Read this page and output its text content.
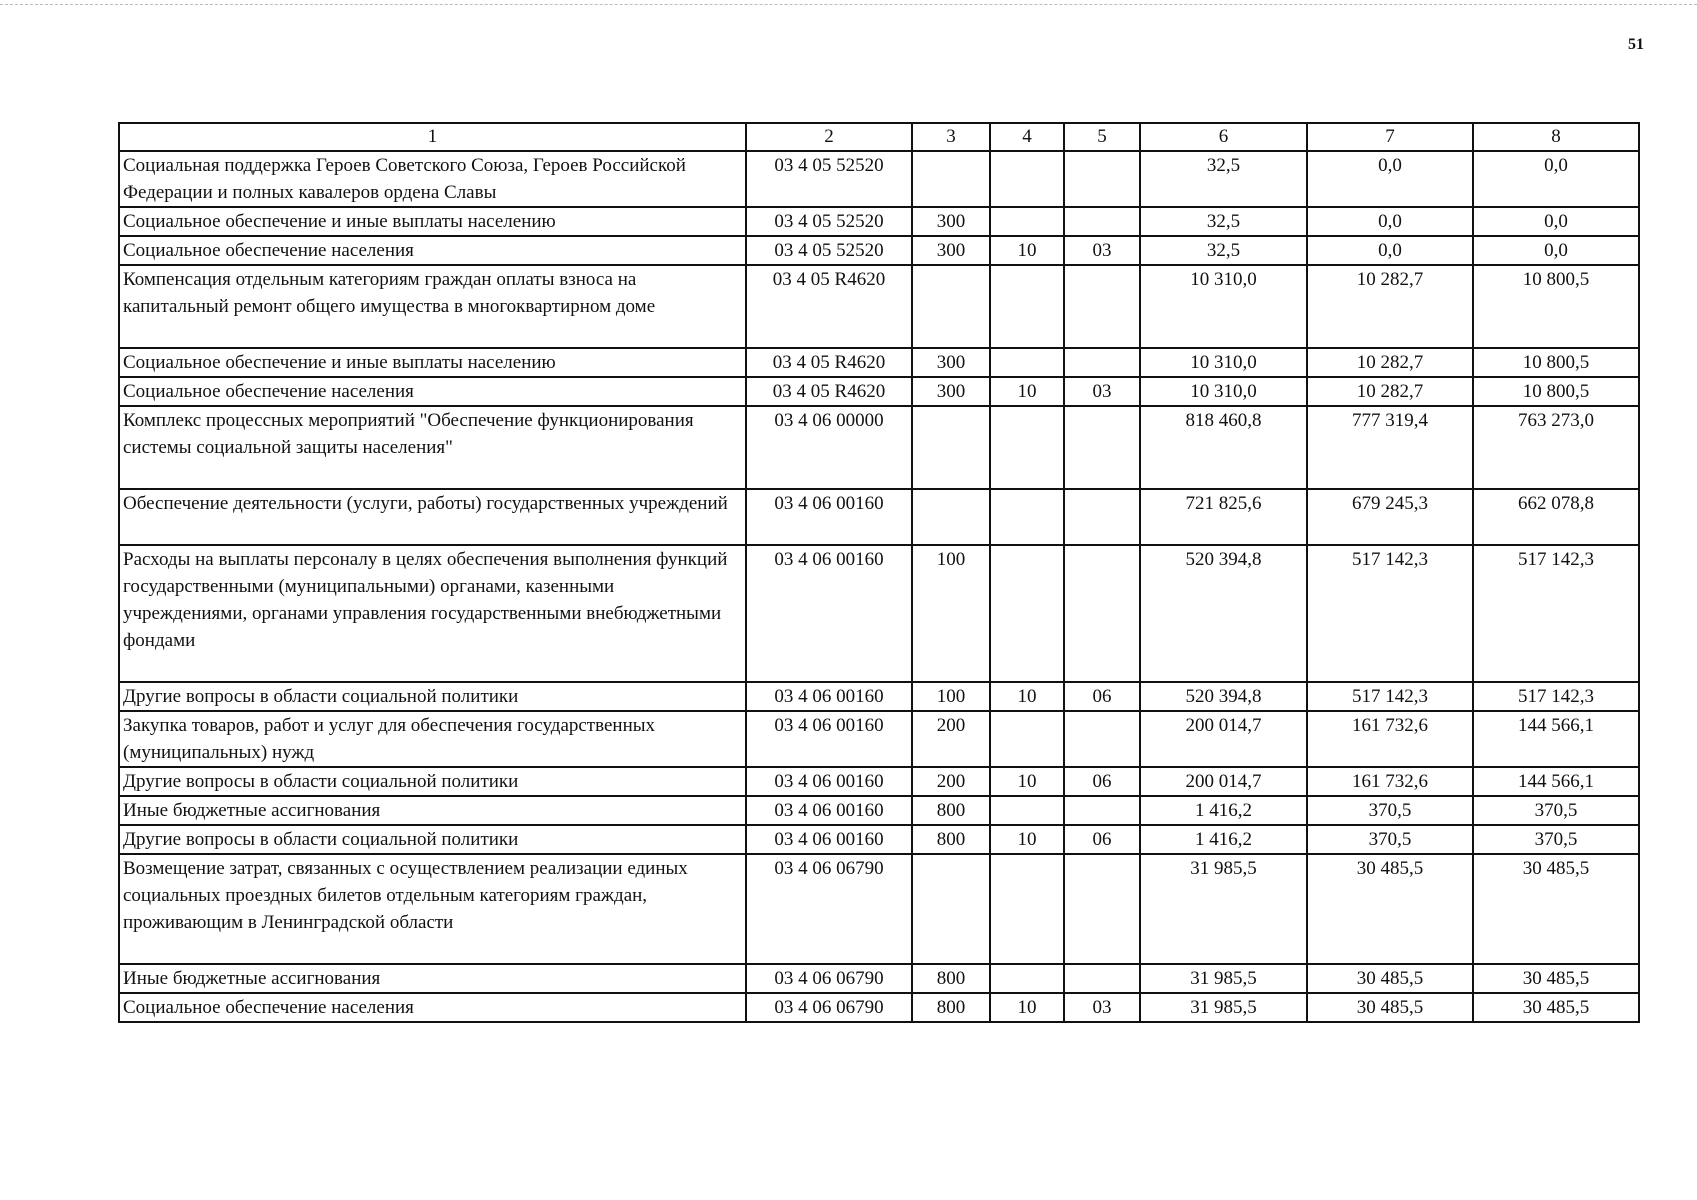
51
1	2	3	4	5	6	7	8
Социальная поддержка Героев Советского Союза, Героев Российской Федерации и полных кавалеров ордена Славы	03 4 05 52520				32,5	0,0	0,0
Социальное обеспечение и иные выплаты населению	03 4 05 52520	300			32,5	0,0	0,0
Социальное обеспечение населения	03 4 05 52520	300	10	03	32,5	0,0	0,0
Компенсация отдельным категориям граждан оплаты взноса на капитальный ремонт общего имущества в многоквартирном доме	03 4 05 R4620				10 310,0	10 282,7	10 800,5
Социальное обеспечение и иные выплаты населению	03 4 05 R4620	300			10 310,0	10 282,7	10 800,5
Социальное обеспечение населения	03 4 05 R4620	300	10	03	10 310,0	10 282,7	10 800,5
Комплекс процессных мероприятий "Обеспечение функционирования системы социальной защиты населения"	03 4 06 00000				818 460,8	777 319,4	763 273,0
Обеспечение деятельности (услуги, работы) государственных учреждений	03 4 06 00160				721 825,6	679 245,3	662 078,8
Расходы на выплаты персоналу в целях обеспечения выполнения функций государственными (муниципальными) органами, казенными учреждениями, органами управления государственными внебюджетными фондами	03 4 06 00160	100			520 394,8	517 142,3	517 142,3
Другие вопросы в области социальной политики	03 4 06 00160	100	10	06	520 394,8	517 142,3	517 142,3
Закупка товаров, работ и услуг для обеспечения государственных (муниципальных) нужд	03 4 06 00160	200			200 014,7	161 732,6	144 566,1
Другие вопросы в области социальной политики	03 4 06 00160	200	10	06	200 014,7	161 732,6	144 566,1
Иные бюджетные ассигнования	03 4 06 00160	800			1 416,2	370,5	370,5
Другие вопросы в области социальной политики	03 4 06 00160	800	10	06	1 416,2	370,5	370,5
Возмещение затрат, связанных с осуществлением реализации единых социальных проездных билетов отдельным категориям граждан, проживающим в Ленинградской области	03 4 06 06790				31 985,5	30 485,5	30 485,5
Иные бюджетные ассигнования	03 4 06 06790	800			31 985,5	30 485,5	30 485,5
Социальное обеспечение населения	03 4 06 06790	800	10	03	31 985,5	30 485,5	30 485,5
